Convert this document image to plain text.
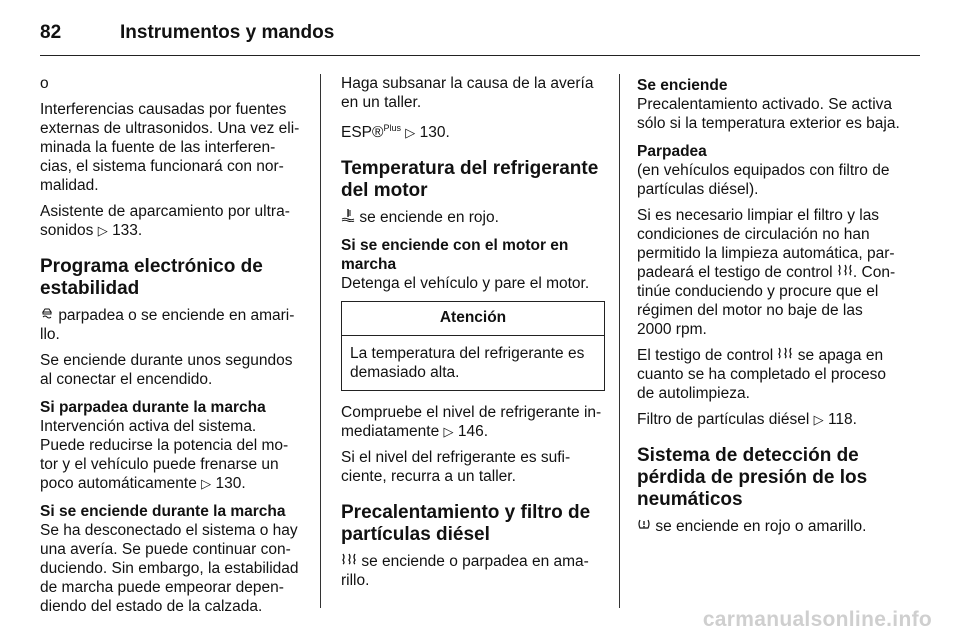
82	Instrumentos y mandos

o

Interferencias causadas por fuentes externas de ultrasonidos. Una vez eli- minada la fuente de las interferen- cias, el sistema funcionará con nor- malidad.

Asistente de aparcamiento por ultra- sonidos ▷ 133.

Programa electrónico de estabilidad

parpadea o se enciende en amari- llo.

Se enciende durante unos segundos al conectar el encendido.

Si parpadea durante la marcha

Intervención activa del sistema. Puede reducirse la potencia del mo- tor y el vehículo puede frenarse un poco automáticamente ▷ 130.

Si se enciende durante la marcha

Se ha desconectado el sistema o hay una avería. Se puede continuar con- duciendo. Sin embargo, la estabilidad de marcha puede empeorar depen- diendo del estado de la calzada.

Haga subsanar la causa de la avería en un taller.

ESP®$^{Plus}$ ▷ 130.

Temperatura del refrigerante del motor

se enciende en rojo.

Si se enciende con el motor en marcha

Detenga el vehículo y pare el motor.

Atención
La temperatura del refrigerante es demasiado alta.

Compruebe el nivel de refrigerante in- mediatamente ▷ 146.

Si el nivel del refrigerante es sufi- ciente, recurra a un taller.

Precalentamiento y filtro de partículas diésel

se enciende o parpadea en ama- rillo.

Se enciende

Precalentamiento activado. Se activa sólo si la temperatura exterior es baja.

Parpadea

(en vehículos equipados con filtro de partículas diésel).

Si es necesario limpiar el filtro y las condiciones de circulación no han permitido la limpieza automática, par- padeará el testigo de control . Con- tinúe conduciendo y procure que el régimen del motor no baje de las 2000 rpm.

El testigo de control se apaga en cuanto se ha completado el proceso de autolimpieza.

Filtro de partículas diésel ▷ 118.

Sistema de detección de pérdida de presión de los neumáticos

se enciende en rojo o amarillo.

carmanualsonline.info
